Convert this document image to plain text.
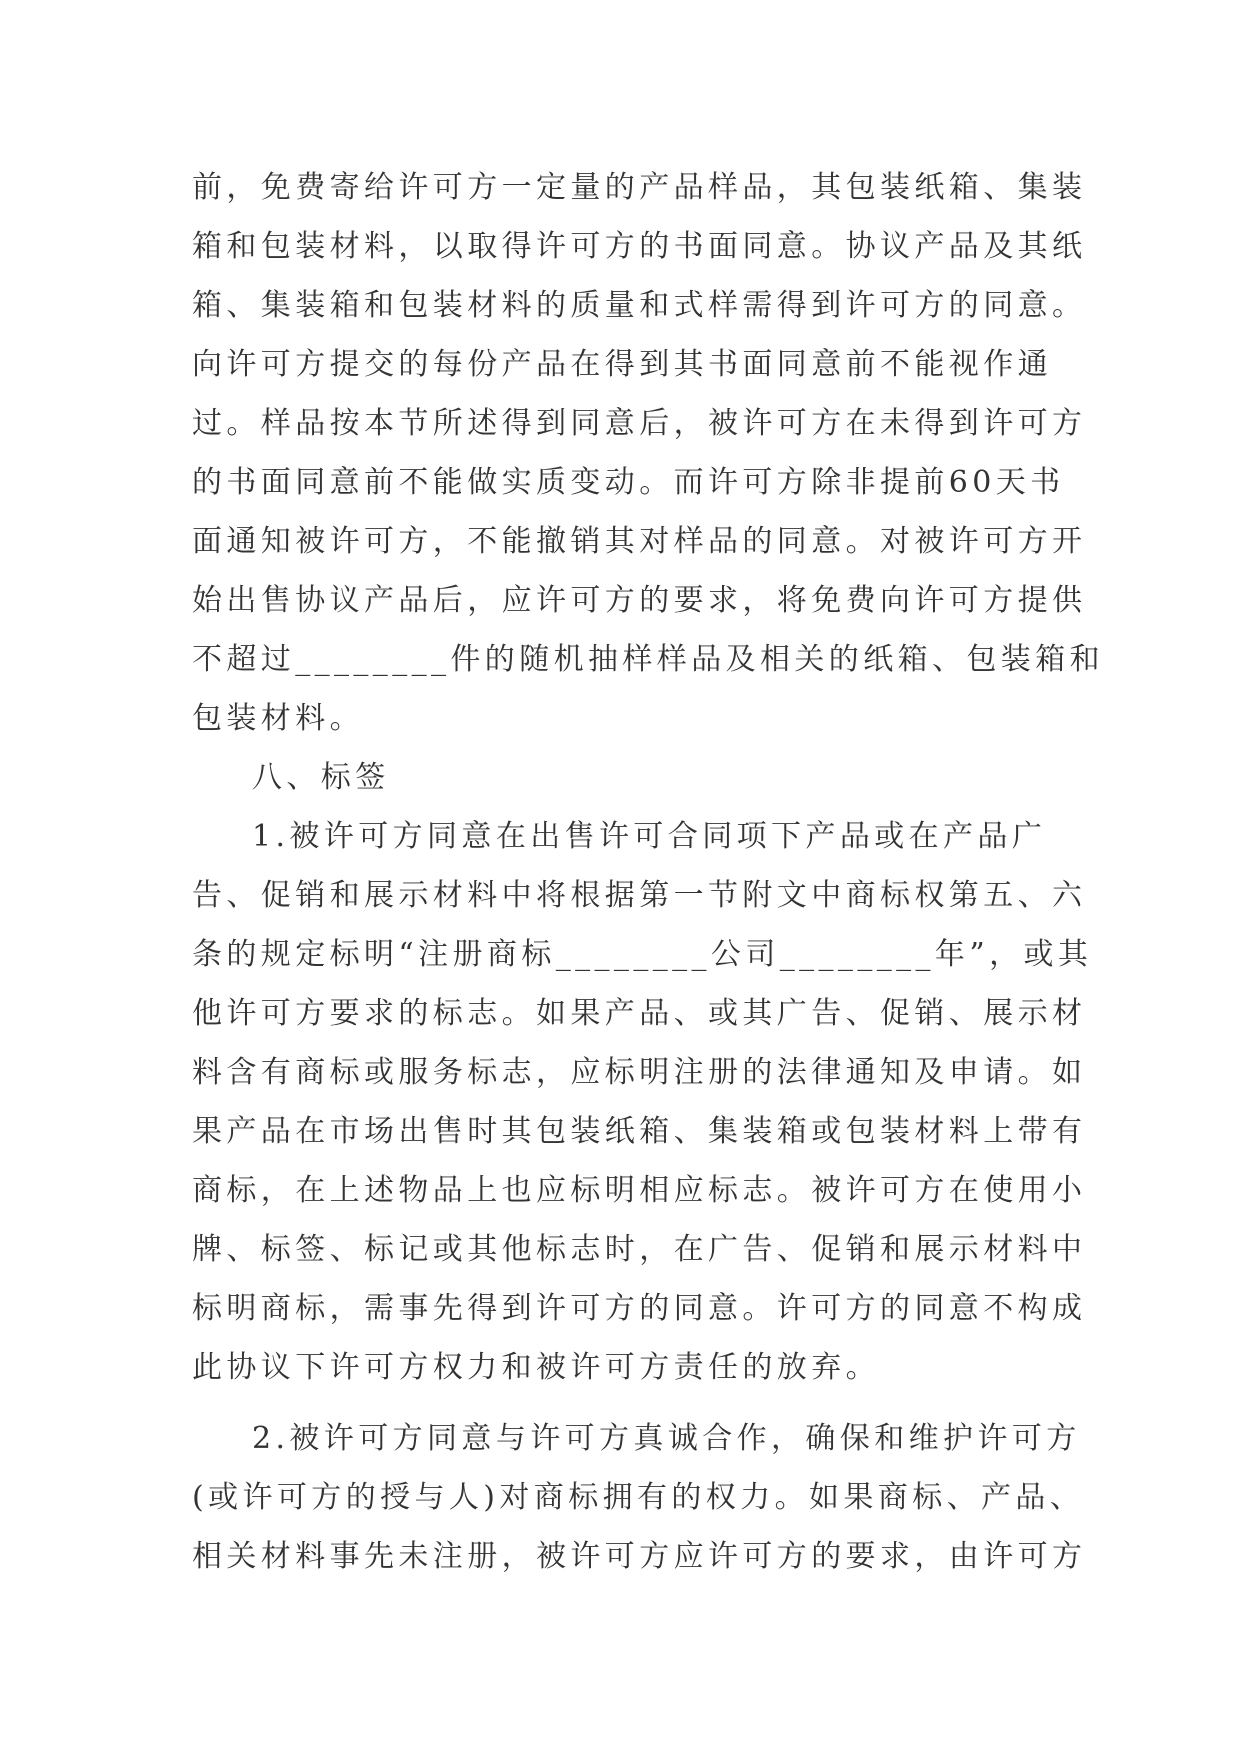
前，免费寄给许可方一定量的产品样品，其包装纸箱、集装

箱和包装材料，以取得许可方的书面同意。协议产品及其纸

箱、集装箱和包装材料的质量和式样需得到许可方的同意。

向许可方提交的每份产品在得到其书面同意前不能视作通

过。样品按本节所述得到同意后，被许可方在未得到许可方

的书面同意前不能做实质变动。而许可方除非提前60天书

面通知被许可方，不能撤销其对样品的同意。对被许可方开

始出售协议产品后，应许可方的要求，将免费向许可方提供

不超过________件的随机抽样样品及相关的纸箱、包装箱和

包装材料。

八、标签

1.被许可方同意在出售许可合同项下产品或在产品广

告、促销和展示材料中将根据第一节附文中商标权第五、六

条的规定标明“注册商标________公司________年”，或其

他许可方要求的标志。如果产品、或其广告、促销、展示材

料含有商标或服务标志，应标明注册的法律通知及申请。如

果产品在市场出售时其包装纸箱、集装箱或包装材料上带有

商标，在上述物品上也应标明相应标志。被许可方在使用小

牌、标签、标记或其他标志时，在广告、促销和展示材料中

标明商标，需事先得到许可方的同意。许可方的同意不构成

此协议下许可方权力和被许可方责任的放弃。

2.被许可方同意与许可方真诚合作，确保和维护许可方

(或许可方的授与人)对商标拥有的权力。如果商标、产品、

相关材料事先未注册，被许可方应许可方的要求，由许可方
